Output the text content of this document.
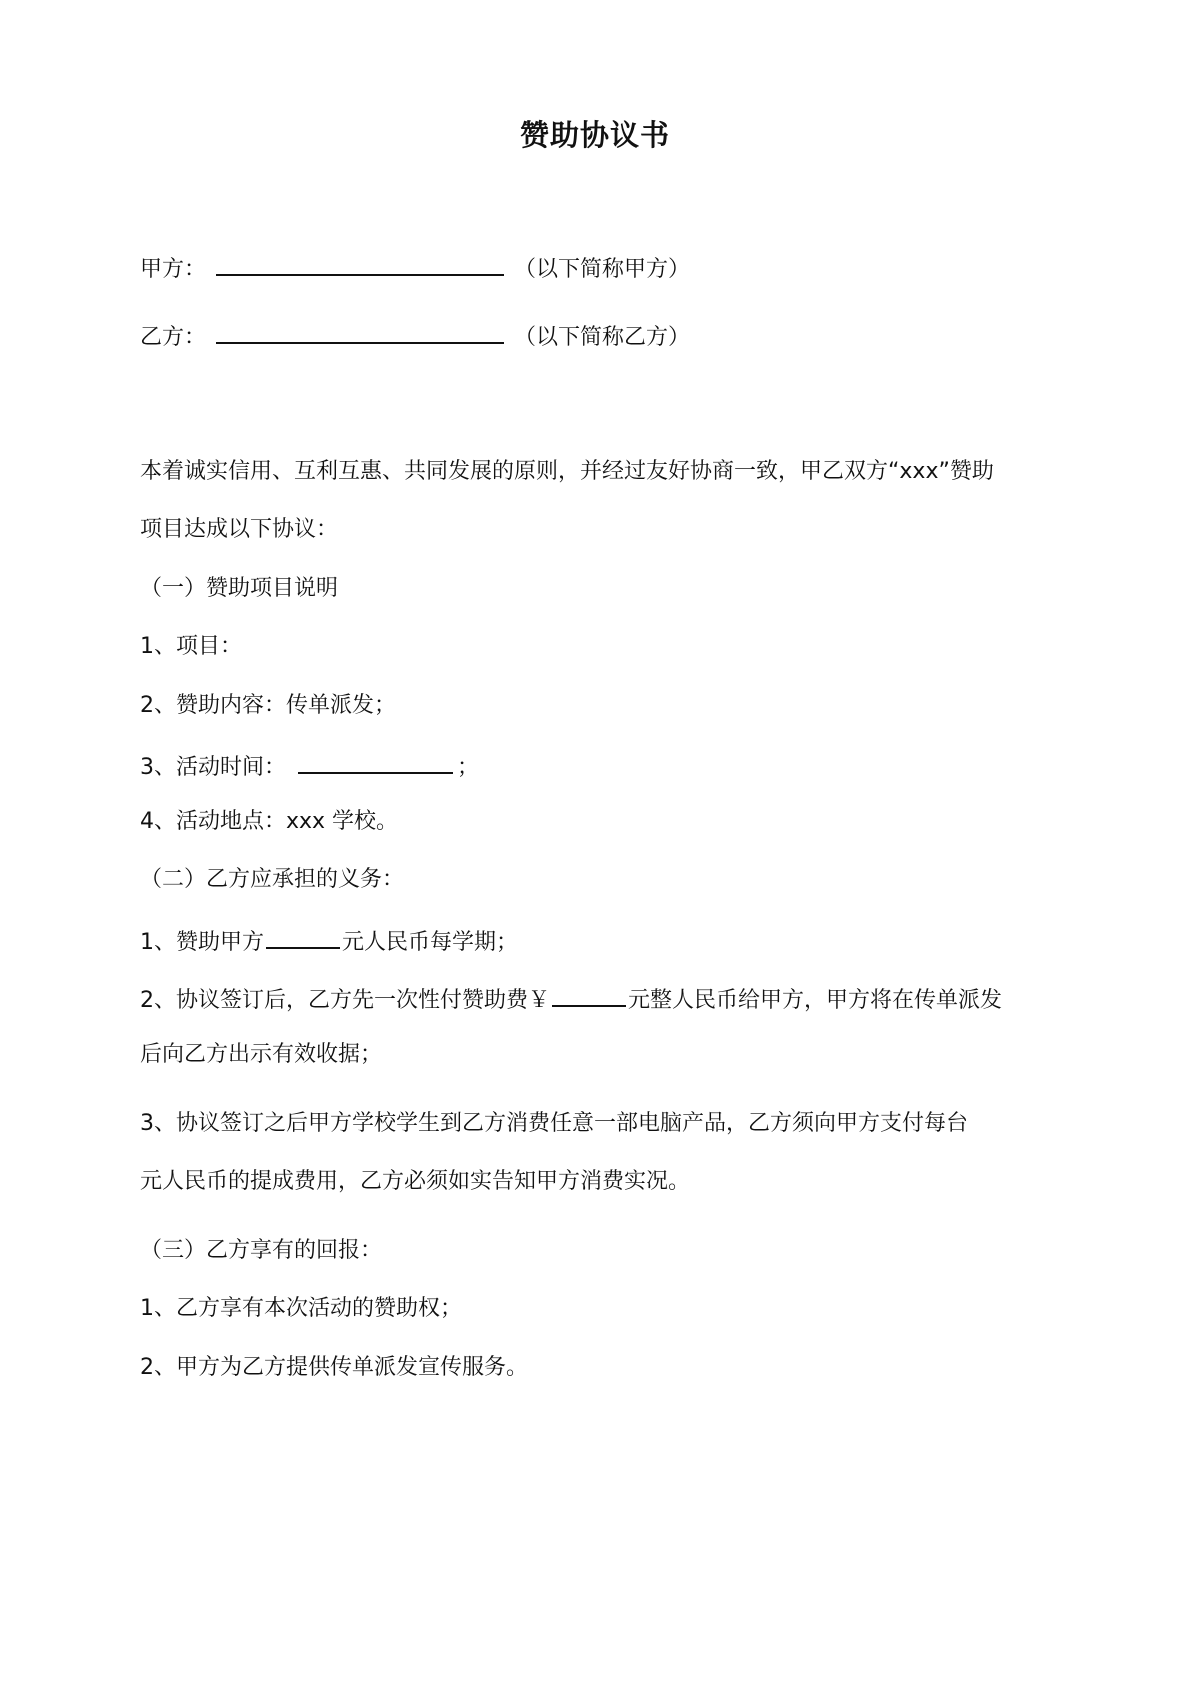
赞助协议书
甲方：	（以下简称甲方）
乙方：	（以下简称乙方）
本着诚实信用、互利互惠、共同发展的原则，并经过友好协商一致，甲乙双方“xxx”赞助
项目达成以下协议：
（一）赞助项目说明
1、项目：
2、赞助内容：传单派发；
3、活动时间：	；
4、活动地点：xxx 学校。
（二）乙方应承担的义务：
1、赞助甲方	元人民币每学期；
2、协议签订后，乙方先一次性付赞助费￥	元整人民币给甲方，甲方将在传单派发
后向乙方出示有效收据；
3、协议签订之后甲方学校学生到乙方消费任意一部电脑产品，乙方须向甲方支付每台
元人民币的提成费用，乙方必须如实告知甲方消费实况。
（三）乙方享有的回报：
1、乙方享有本次活动的赞助权；
2、甲方为乙方提供传单派发宣传服务。
